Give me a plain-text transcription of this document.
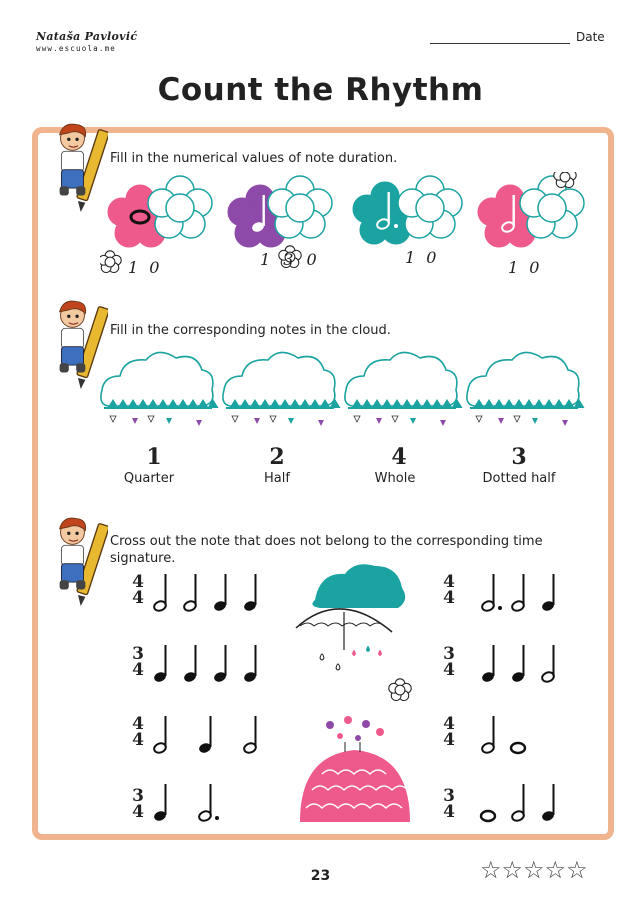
Nataša Pavlović
www.escuola.me
Date
Count the Rhythm
Fill in the numerical values of note duration.
1 0	1 3 0	1 0
1 0
Fill in the corresponding notes in the cloud.
1
Quarter
2
Half
4
Whole
3
Dotted half
Cross out the note that does not belong to the corresponding time signature.
4
4
3
4
4
4
3
4
4
4
3
4
4
4
3
4
23	☆☆☆☆☆
